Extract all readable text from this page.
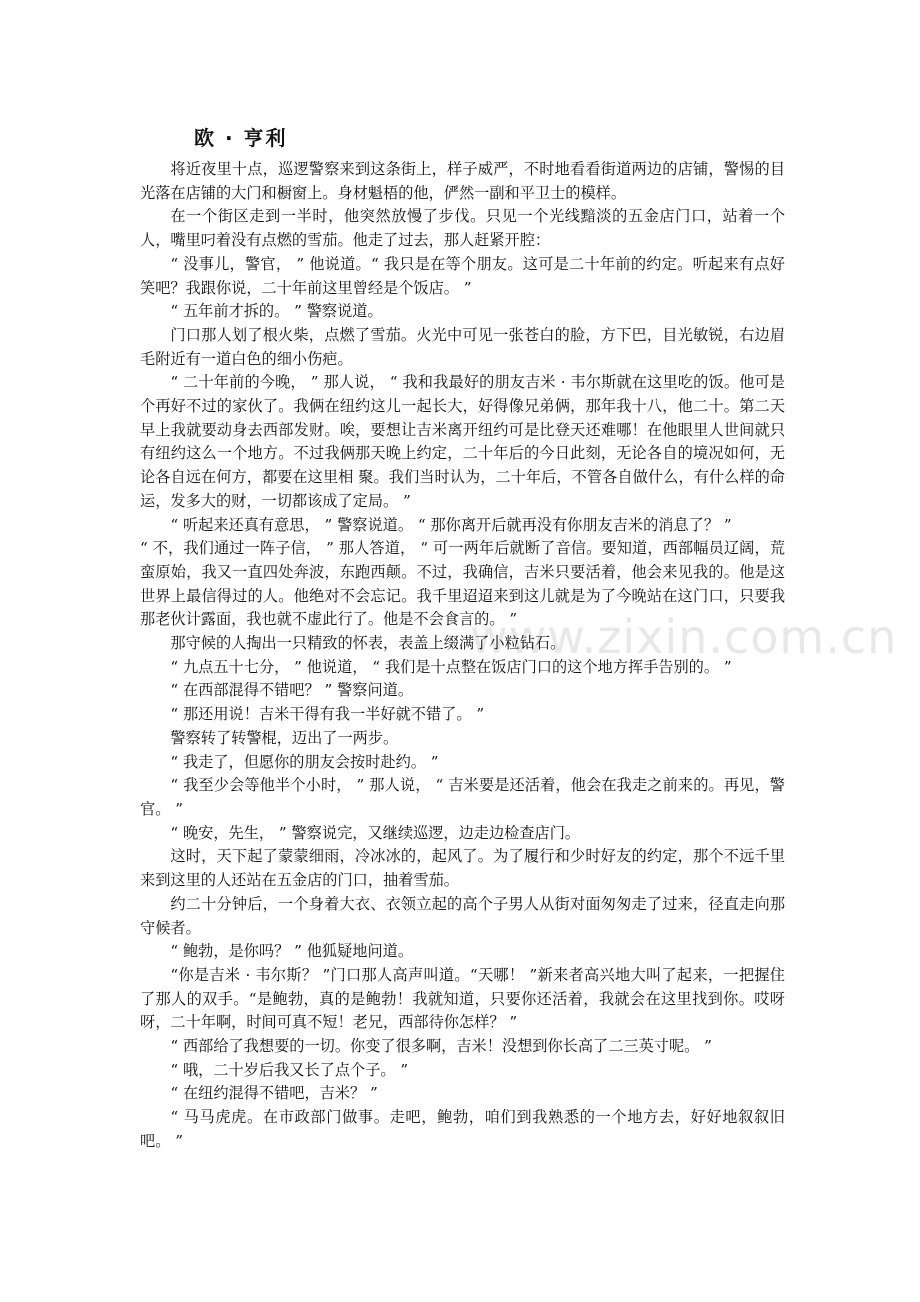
www.zixin.com.cn
欧 · 亨利

将近夜里十点，巡逻警察来到这条街上，样子威严，不时地看看街道两边的店铺，警惕的目光落在店铺的大门和橱窗上。身材魁梧的他，俨然一副和平卫士的模样。

在一个街区走到一半时，他突然放慢了步伐。只见一个光线黯淡的五金店门口，站着一个人，嘴里叼着没有点燃的雪茄。他走了过去，那人赶紧开腔：

“ 没事儿，警官， ” 他说道。“ 我只是在等个朋友。这可是二十年前的约定。听起来有点好笑吧？我跟你说，二十年前这里曾经是个饭店。 ”

“ 五年前才拆的。 ” 警察说道。

门口那人划了根火柴，点燃了雪茄。火光中可见一张苍白的脸，方下巴，目光敏锐，右边眉毛附近有一道白色的细小伤疤。

“ 二十年前的今晚， ” 那人说， “ 我和我最好的朋友吉米 · 韦尔斯就在这里吃的饭。他可是个再好不过的家伙了。我俩在纽约这儿一起长大，好得像兄弟俩，那年我十八，他二十。第二天早上我就要动身去西部发财。唉，要想让吉米离开纽约可是比登天还难哪！在他眼里人世间就只有纽约这么一个地方。不过我俩那天晚上约定，二十年后的今日此刻，无论各自的境况如何，无论各自远在何方，都要在这里相 聚。我们当时认为，二十年后，不管各自做什么，有什么样的命运，发多大的财，一切都该成了定局。 ”

“ 听起来还真有意思， ” 警察说道。 “ 那你离开后就再没有你朋友吉米的消息了？ ”

“ 不，我们通过一阵子信， ” 那人答道， “ 可一两年后就断了音信。要知道，西部幅员辽阔，荒蛮原始，我又一直四处奔波，东跑西颠。不过，我确信，吉米只要活着，他会来见我的。他是这世界上最信得过的人。他绝对不会忘记。我千里迢迢来到这儿就是为了今晚站在这门口，只要我那老伙计露面，我也就不虚此行了。他是不会食言的。 ”

那守候的人掏出一只精致的怀表，表盖上缀满了小粒钻石。

“ 九点五十七分， ” 他说道， “ 我们是十点整在饭店门口的这个地方挥手告别的。 ”

“ 在西部混得不错吧？ ” 警察问道。

“ 那还用说！吉米干得有我一半好就不错了。 ”

警察转了转警棍，迈出了一两步。

“ 我走了，但愿你的朋友会按时赴约。 ”

“ 我至少会等他半个小时， ” 那人说， “ 吉米要是还活着，他会在我走之前来的。再见，警官。 ”

“ 晚安，先生， ” 警察说完，又继续巡逻，边走边检查店门。

这时，天下起了蒙蒙细雨，冷冰冰的，起风了。为了履行和少时好友的约定，那个不远千里来到这里的人还站在五金店的门口，抽着雪茄。

约二十分钟后，一个身着大衣、衣领立起的高个子男人从街对面匆匆走了过来，径直走向那守候者。

“ 鲍勃，是你吗？ ” 他狐疑地问道。

“你是吉米 · 韦尔斯？ ”门口那人高声叫道。“天哪！ ”新来者高兴地大叫了起来，一把握住了那人的双手。“是鲍勃，真的是鲍勃！我就知道，只要你还活着，我就会在这里找到你。哎呀呀，二十年啊，时间可真不短！老兄，西部待你怎样？ ”

“ 西部给了我想要的一切。你变了很多啊，吉米！没想到你长高了二三英寸呢。 ”

“ 哦，二十岁后我又长了点个子。 ”

“ 在纽约混得不错吧，吉米？ ”

“ 马马虎虎。在市政部门做事。走吧，鲍勃，咱们到我熟悉的一个地方去，好好地叙叙旧吧。 ”
